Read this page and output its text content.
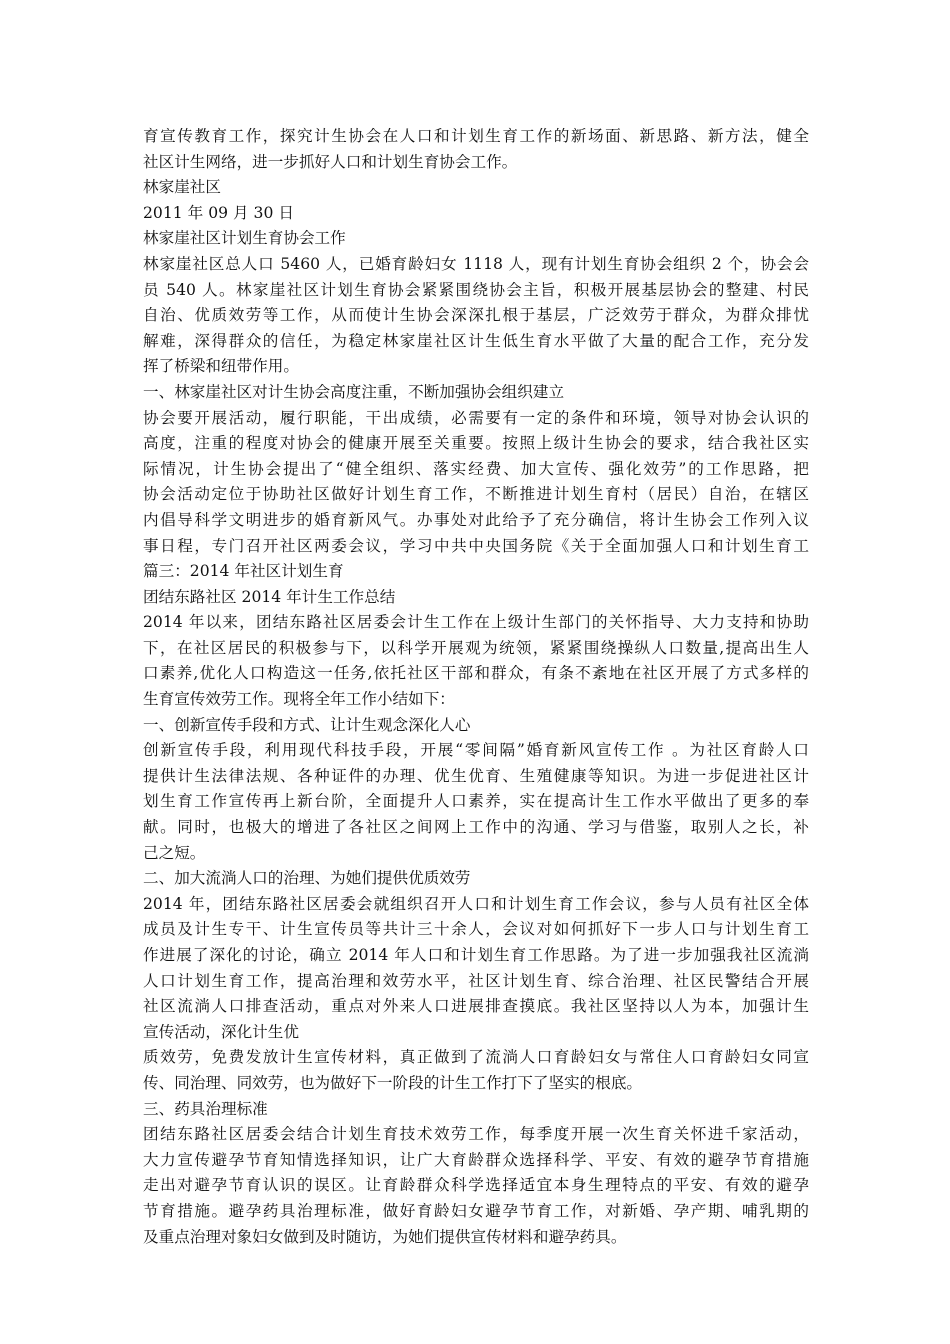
育宣传教育工作，探究计生协会在人口和计划生育工作的新场面、新思路、新方法，健全
社区计生网络，进一步抓好人口和计划生育协会工作。
林家崖社区
2011 年 09 月 30 日
林家崖社区计划生育协会工作
林家崖社区总人口 5460 人，已婚育龄妇女 1118 人，现有计划生育协会组织 2 个，协会会
员 540 人。林家崖社区计划生育协会紧紧围绕协会主旨，积极开展基层协会的整建、村民
自治、优质效劳等工作，从而使计生协会深深扎根于基层，广泛效劳于群众，为群众排忧
解难，深得群众的信任，为稳定林家崖社区计生低生育水平做了大量的配合工作，充分发
挥了桥梁和纽带作用。
一、林家崖社区对计生协会高度注重，不断加强协会组织建立
协会要开展活动，履行职能，干出成绩，必需要有一定的条件和环境，领导对协会认识的
高度，注重的程度对协会的健康开展至关重要。按照上级计生协会的要求，结合我社区实
际情况，计生协会提出了“健全组织、落实经费、加大宣传、强化效劳”的工作思路，把
协会活动定位于协助社区做好计划生育工作，不断推进计划生育村（居民）自治，在辖区
内倡导科学文明进步的婚育新风气。办事处对此给予了充分确信，将计生协会工作列入议
事日程，专门召开社区两委会议，学习中共中央国务院《关于全面加强人口和计划生育工
篇三：2014 年社区计划生育
团结东路社区 2014 年计生工作总结
2014 年以来，团结东路社区居委会计生工作在上级计生部门的关怀指导、大力支持和协助
下，在社区居民的积极参与下，以科学开展观为统领，紧紧围绕操纵人口数量,提高出生人
口素养,优化人口构造这一任务,依托社区干部和群众，有条不紊地在社区开展了方式多样的
生育宣传效劳工作。现将全年工作小结如下：
一、创新宣传手段和方式、让计生观念深化人心
创新宣传手段，利用现代科技手段，开展“零间隔”婚育新风宣传工作 。为社区育龄人口
提供计生法律法规、各种证件的办理、优生优育、生殖健康等知识。为进一步促进社区计
划生育工作宣传再上新台阶，全面提升人口素养，实在提高计生工作水平做出了更多的奉
献。同时，也极大的增进了各社区之间网上工作中的沟通、学习与借鉴，取别人之长，补
己之短。
二、加大流淌人口的治理、为她们提供优质效劳
2014 年，团结东路社区居委会就组织召开人口和计划生育工作会议，参与人员有社区全体
成员及计生专干、计生宣传员等共计三十余人，会议对如何抓好下一步人口与计划生育工
作进展了深化的讨论，确立 2014 年人口和计划生育工作思路。为了进一步加强我社区流淌
人口计划生育工作，提高治理和效劳水平，社区计划生育、综合治理、社区民警结合开展
社区流淌人口排查活动，重点对外来人口进展排查摸底。我社区坚持以人为本，加强计生
宣传活动，深化计生优
质效劳，免费发放计生宣传材料，真正做到了流淌人口育龄妇女与常住人口育龄妇女同宣
传、同治理、同效劳，也为做好下一阶段的计生工作打下了坚实的根底。
三、药具治理标准
团结东路社区居委会结合计划生育技术效劳工作，每季度开展一次生育关怀进千家活动，
大力宣传避孕节育知情选择知识，让广大育龄群众选择科学、平安、有效的避孕节育措施
走出对避孕节育认识的误区。让育龄群众科学选择适宜本身生理特点的平安、有效的避孕
节育措施。避孕药具治理标准，做好育龄妇女避孕节育工作，对新婚、孕产期、哺乳期的
及重点治理对象妇女做到及时随访，为她们提供宣传材料和避孕药具。
